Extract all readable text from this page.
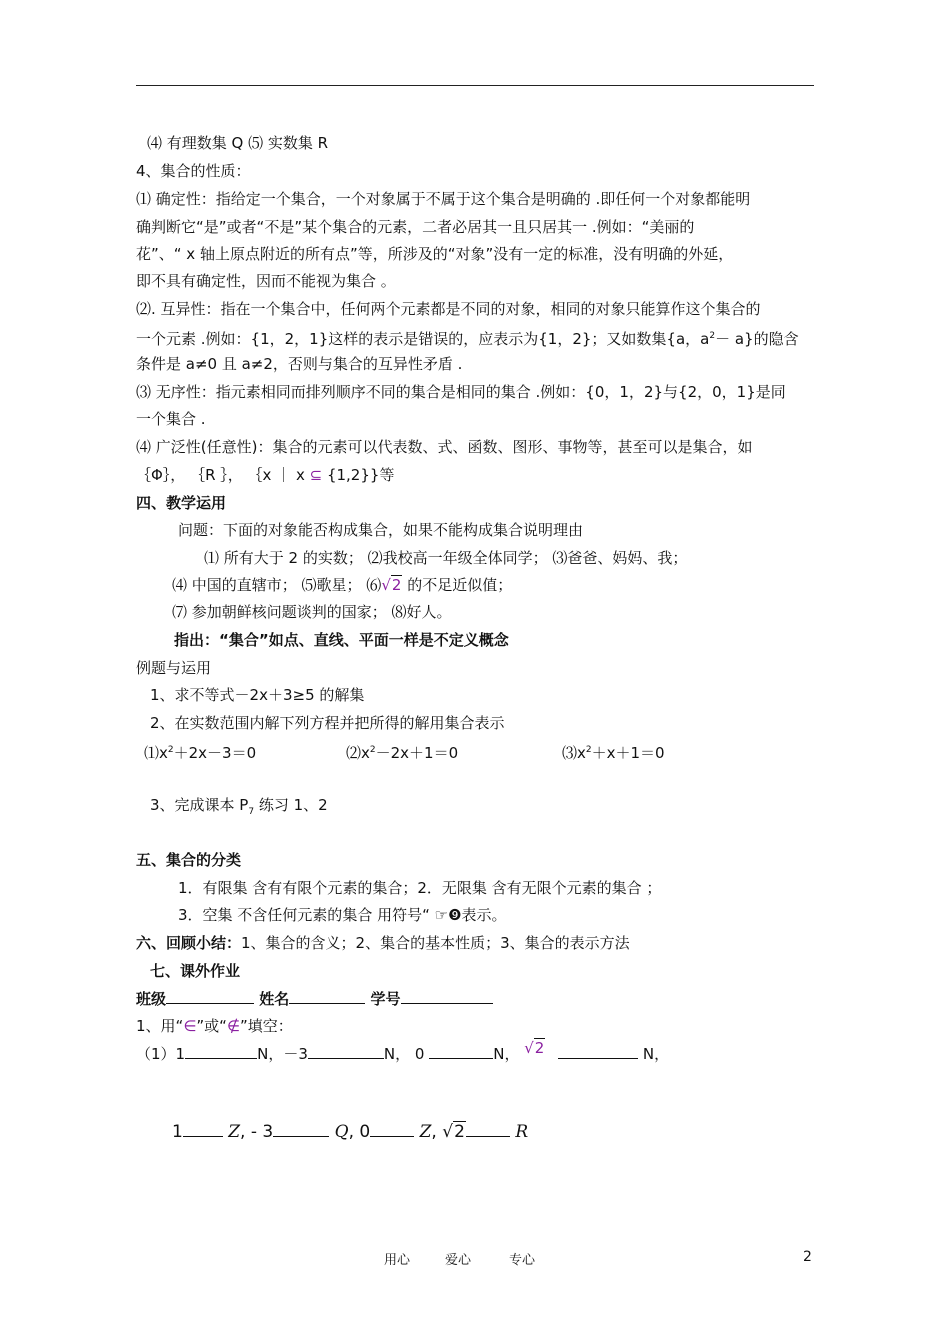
⑷ 有理数集 Q ⑸ 实数集 R
4、集合的性质：
⑴ 确定性：指给定一个集合，一个对象属于不属于这个集合是明确的 .即任何一个对象都能明
确判断它“是”或者“不是”某个集合的元素，二者必居其一且只居其一 .例如：“美丽的
花”、“ x 轴上原点附近的所有点”等，所涉及的“对象”没有一定的标准，没有明确的外延，
即不具有确定性，因而不能视为集合 。
⑵. 互异性：指在一个集合中，任何两个元素都是不同的对象，相同的对象只能算作这个集合的
一个元素 .例如：{1，2，1}这样的表示是错误的，应表示为{1，2}；又如数集{a，$a^2- a$}的隐含
条件是 a≠0 且 a≠2，否则与集合的互异性矛盾 .
⑶ 无序性：指元素相同而排列顺序不同的集合是相同的集合 .例如：{0，1，2}与{2，0，1}是同
一个集合 .
⑷ 广泛性(任意性)：集合的元素可以代表数、式、函数、图形、事物等，甚至可以是集合，如
｛Φ｝， ｛R ｝， ｛x ｜ x ⊆ {1,2}}等
四、教学运用
问题：下面的对象能否构成集合，如果不能构成集合说明理由
⑴ 所有大于 2 的实数； ⑵我校高一年级全体同学； ⑶爸爸、妈妈、我；
⑷ 中国的直辖市； ⑸歌星； ⑹√2 的不足近似值；
⑺ 参加朝鲜核问题谈判的国家； ⑻好人。
指出：“集合”如点、直线、平面一样是不定义概念
例题与运用
1、求不等式－2x＋3≥5 的解集
2、在实数范围内解下列方程并把所得的解用集合表示
$⑴x^2+2x-3=0$	$⑵x^2-2x+1=0$	$⑶x^2+x+1=0$
3、完成课本 $P_7$ 练习 1、2
五、集合的分类
1．有限集 含有有限个元素的集合；2．无限集 含有无限个元素的集合 ；
3．空集 不含任何元素的集合 用符号“ ☞❾表示。
六、回顾小结：1、集合的含义；2、集合的基本性质；3、集合的表示方法
七、课外作业
班级	姓名	学号
1、用“∈”或“∉”填空：
（1）1	N，－3	N， 0	N， √2	N，
1	Z, - 3	Q, 0	Z, √2	R
用心	爱心	专心	2
